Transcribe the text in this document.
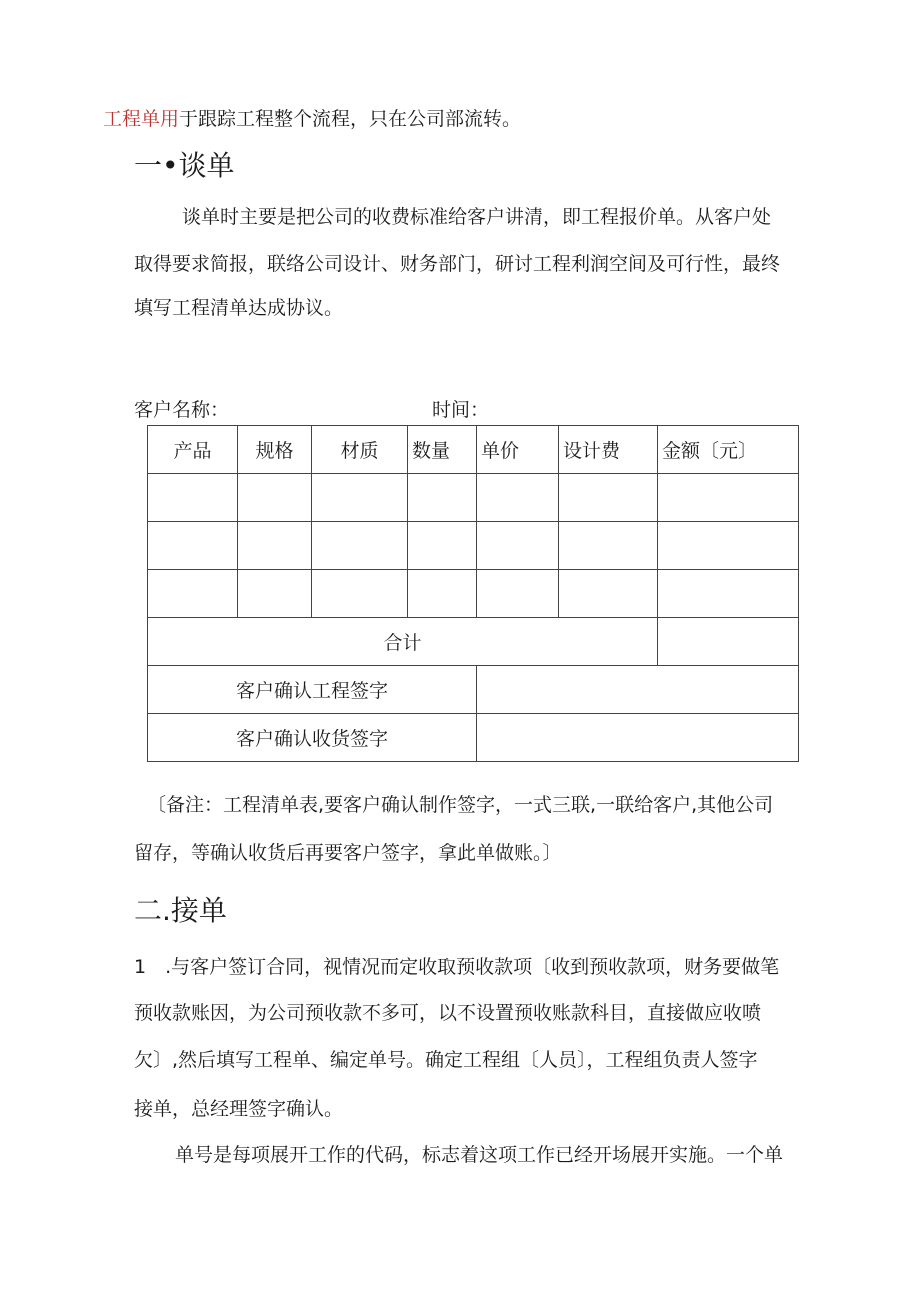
工程单用于跟踪工程整个流程，只在公司部流转。
一•谈单
谈单时主要是把公司的收费标准给客户讲清，即工程报价单。从客户处
取得要求简报，联络公司设计、财务部门，研讨工程利润空间及可行性，最终
填写工程清单达成协议。
客户名称：	时间：
产品	规格	材质	数量	单价	设计费	金额〔元〕

合计						
客户确认工程签字						
客户确认收货签字						
〔备注：工程清单表,要客户确认制作签字，一式三联,一联给客户,其他公司
留存，等确认收货后再要客户签字，拿此单做账。〕
二.接单
1　.与客户签订合同，视情况而定收取预收款项〔收到预收款项，财务要做笔
预收款账因，为公司预收款不多可，以不设置预收账款科目，直接做应收喷
欠〕,然后填写工程单、编定单号。确定工程组〔人员〕，工程组负责人签字
接单，总经理签字确认。
单号是每项展开工作的代码，标志着这项工作已经开场展开实施。一个单
